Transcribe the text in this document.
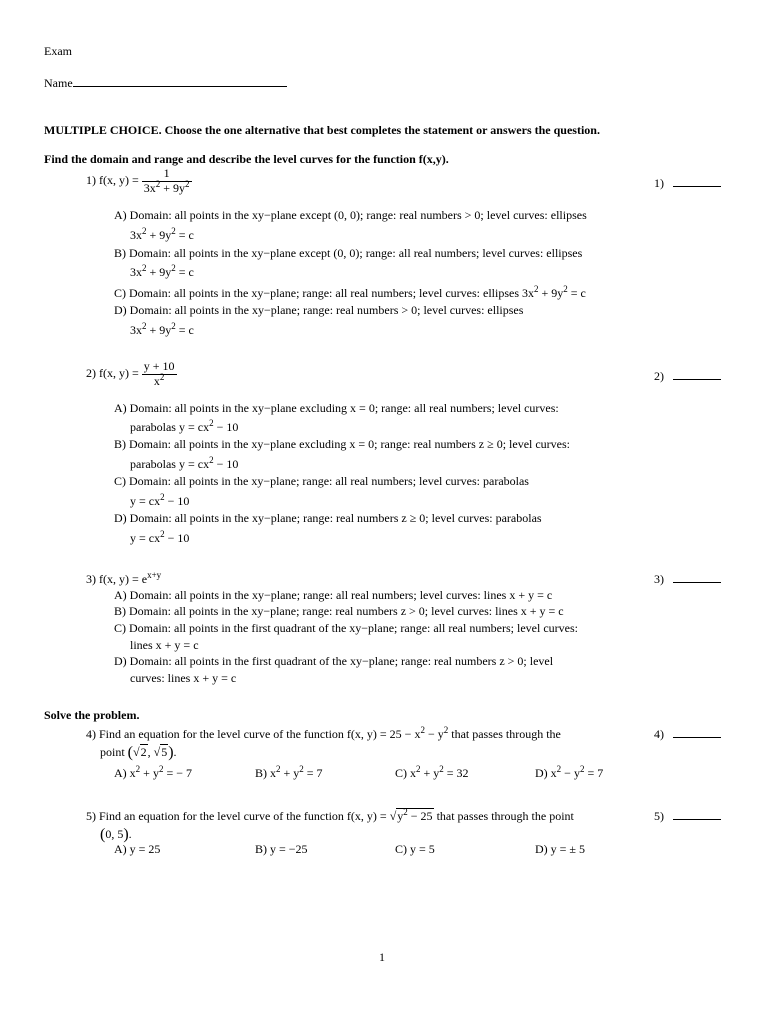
Exam
Name
MULTIPLE CHOICE. Choose the one alternative that best completes the statement or answers the question.
Find the domain and range and describe the level curves for the function f(x,y).
1) f(x, $y) = \frac{1}{3x^2 + 9y^2}$	1)
A) Domain: all points in the xy−plane except (0, 0); range: real numbers > 0; level curves: ellipses
$3x^2 + 9y^2 = c$
B) Domain: all points in the xy−plane except (0, 0); range: all real numbers; level curves: ellipses
$3x^2 + 9y^2 = c$
C) Domain: all points in the xy−plane; range: all real numbers; level curves: ellipses $3x^2 + 9y^2 = c$
D) Domain: all points in the xy−plane; range: real numbers > 0; level curves: ellipses
$3x^2 + 9y^2 = c$
2) f(x, $y) = \frac{y + 10}{x^2}$	2)
A) Domain: all points in the xy−plane excluding x = 0; range: all real numbers; level curves:
parabolas $y = cx^2 - 10$
B) Domain: all points in the xy−plane excluding x = 0; range: real numbers z ≥ 0; level curves:
parabolas $y = cx^2 - 10$
C) Domain: all points in the xy−plane; range: all real numbers; level curves: parabolas
$y = cx^2 - 10$
D) Domain: all points in the xy−plane; range: real numbers z ≥ 0; level curves: parabolas
$y = cx^2 - 10$
3) f(x, $y) = e^{x+y}$	3)
A) Domain: all points in the xy−plane; range: all real numbers; level curves: lines x + y = c
B) Domain: all points in the xy−plane; range: real numbers z > 0; level curves: lines x + y = c
C) Domain: all points in the first quadrant of the xy−plane; range: all real numbers; level curves:
lines x + y = c
D) Domain: all points in the first quadrant of the xy−plane; range: real numbers z > 0; level
curves: lines x + y = c
Solve the problem.
4) Find an equation for the level curve of the function f(x, $y) = 25 - x^2 - y^2$ that passes through the	4)
point (√2, √5).
A) $x^2 + y^2$ = − 7	B) $x^2 + y^2 = 7$	C) $x^2 + y^2 = 32$	D) $x^2 - y^2 = 7$
5) Find an equation for the level curve of the function f(x, $y) = √y^2 - 25$ that passes through the point	5)
(0, 5).
A) y = 25	B) y = −25	C) y = 5	D) y = ± 5
1
